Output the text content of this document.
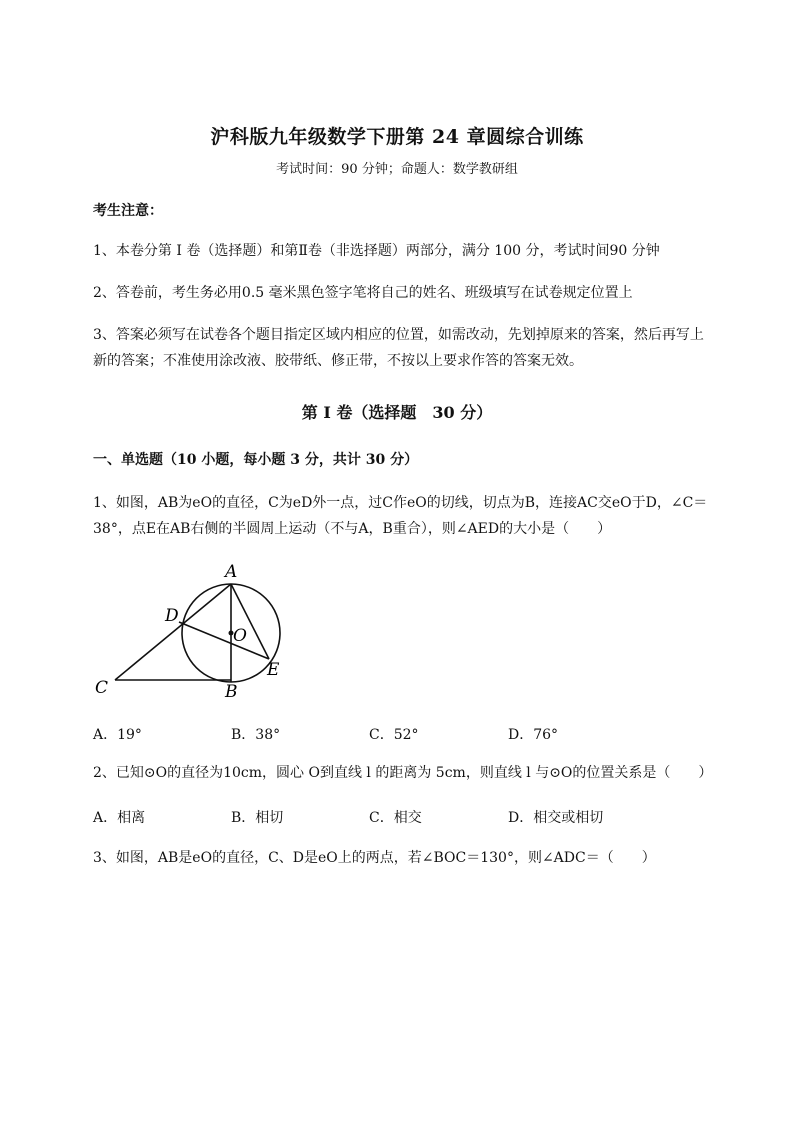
沪科版九年级数学下册第 24 章圆综合训练
考试时间：90 分钟；命题人：数学教研组
考生注意：
1、本卷分第 I 卷（选择题）和第Ⅱ卷（非选择题）两部分，满分 100 分，考试时间90 分钟
2、答卷前，考生务必用0.5 毫米黑色签字笔将自己的姓名、班级填写在试卷规定位置上
3、答案必须写在试卷各个题目指定区域内相应的位置，如需改动，先划掉原来的答案，然后再写上新的答案；不准使用涂改液、胶带纸、修正带，不按以上要求作答的答案无效。
第 I 卷（选择题　30 分）
一、单选题（10 小题，每小题 3 分，共计 30 分）
1、如图，AB为eO的直径，C为eD外一点，过C作eO的切线，切点为B，连接AC交eO于D，∠C＝38°，点E在AB右侧的半圆周上运动（不与A，B重合），则∠AED的大小是（　　）
A
B
C
D
E
O
A．19°	B．38°	C．52°	D．76°
2、已知⊙O的直径为10cm，圆心 O到直线 l 的距离为 5cm，则直线 l 与⊙O的位置关系是（　　）
A．相离	B．相切	C．相交	D．相交或相切
3、如图，AB是eO的直径，C、D是eO上的两点，若∠BOC＝130°，则∠ADC＝（　　）
